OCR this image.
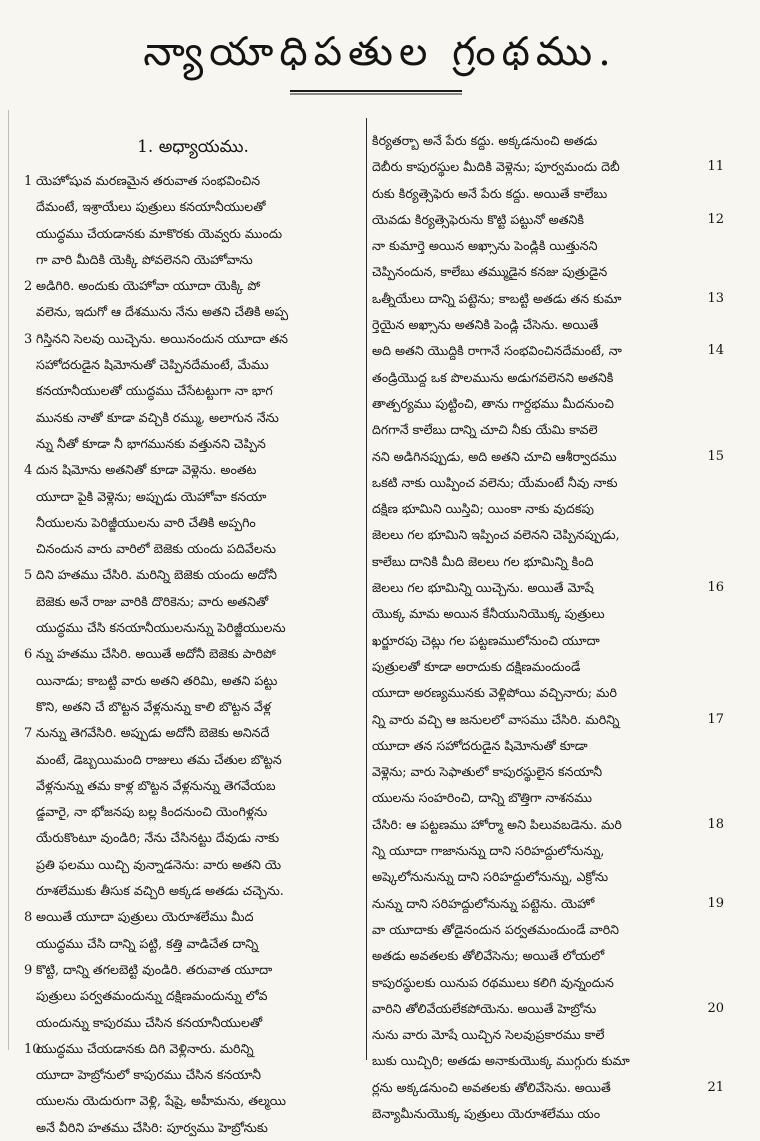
న్యాయాధిపతుల గ్రంథము.
1. అధ్యాయము.
1 యెహోషువ మరణమైన తరువాత సంభవించిన
దేమంటే, ఇశ్రాయేలు పుత్రులు కనయానీయులతో
యుద్ధము చేయడానకు మాకొరకు యెవ్వరు ముందు
గా వారి మీదికి యెక్కి పోవలెనని యెహోవాను
2 అడిగిరి. అందుకు యెహోవా యూదా యెక్కి పో
వలెను, ఇదుగో ఆ దేశమును నేను అతని చేతికి అప్ప
3 గిస్తినని సెలవు యిచ్చెను. అయినందున యూదా తన
సహోదరుడైన షిమోనుతో చెప్పినదేమంటే, మేము
కనయానీయులతో యుద్ధము చేసేటట్టుగా నా భాగ
మునకు నాతో కూడా వచ్చికి రమ్ము, అలాగున నేను
న్ను నీతో కూడా నీ భాగమునకు వత్తునని చెప్పిన
4 దున షిమోను అతనితో కూడా వెళ్లెను. అంతట
యూదా పైకి వెళ్లెను; అప్పుడు యెహోవా కనయా
నీయులను పెరిజ్జీయులను వారి చేతికి అప్పగిం
చినందున వారు వారిలో బెజెకు యందు పదివేలను
5 దిని హతము చేసిరి. మరిన్ని బెజెకు యందు అదోనీ
బెజెకు అనే రాజు వారికి దొరికెను; వారు అతనితో
యుద్ధము చేసి కనయానీయులనున్ను పెరిజ్జీయులను
6 న్ను హతము చేసిరి. అయితే అదోనీ బెజెకు పారిపో
యినాడు; కాబట్టి వారు అతని తరిమి, అతని పట్టు
కొని, అతని చే బొట్టన వేళ్లనున్ను కాలి బొట్టన వేళ్ల
7 నున్ను తెగవేసిరి. అప్పుడు అదోనీ బెజెకు అనినదే
మంటే, డెబ్బయిమంది రాజులు తమ చేతుల బొట్టన
వేళ్లనున్ను తమ కాళ్ల బొట్టన వేళ్లనున్ను తెగవేయబ
డ్డవారై, నా భోజనపు బల్ల కిందనుంచి యెంగిళ్లను
యేరుకొంటూ వుండిరి; నేను చేసినట్టు దేవుడు నాకు
ప్రతి ఫలము యిచ్చి వున్నాడనెను: వారు అతని యె
రూశలేముకు తీసుక వచ్చిరి అక్కడ అతడు చచ్చెను.
8 అయితే యూదా పుత్రులు యెరూశలేము మీద
యుద్ధము చేసి దాన్ని పట్టి, కత్తి వాడిచేత దాన్ని
9 కొట్టి, దాన్ని తగలబెట్టి వుండిరి. తరువాత యూదా
పుత్రులు పర్వతమందున్ను దక్షిణమందున్ను లోవ
యందున్ను కాపురము చేసిన కనయానీయులతో
10యుద్ధము చేయడానకు దిగి వెళ్లినారు. మరిన్ని
యూదా హెబ్రోనులో కాపురము చేసిన కనయానీ
యులను యెదురుగా వెళ్లి, షేషై, అహీమను, తల్మయి
అనే వీరిని హతము చేసిరి: పూర్వము హెబ్రోనుకు
కిర్యతర్బా అనే పేరు కద్దు. అక్కడనుంచి అతడు
దెబీరు కాపురస్థుల మీదికి వెళ్లెను; పూర్వమందు దెబీ	11
రుకు కిర్యత్సెఫెరు అనే పేరు కద్దు. అయితే కాలేబు
యెవడు కిర్యత్సెఫెరును కొట్టి పట్టునో అతనికి	12
నా కుమార్తె అయిన అఖ్సాను పెండ్లికి యిత్తునని
చెప్పినందున, కాలేబు తమ్ముడైన కనజు పుత్రుడైన
ఒత్నీయేలు దాన్ని పట్టెను; కాబట్టి అతడు తన కుమా	13
ర్తెయైన అఖ్సాను అతనికి పెండ్లి చేసెను. అయితే
అది అతని యొద్దికి రాగానే సంభవించినదేమంటే, నా	14
తండ్రియొద్ద ఒక పొలమును అడుగవలెనని అతనికి
తాత్పర్యము పుట్టించి, తాను గార్దభము మీదనుంచి
దిగగానే కాలేబు దాన్ని చూచి నీకు యేమి కావలె
నని అడిగినప్పుడు, అది అతని చూచి ఆశీర్వాదము	15
ఒకటి నాకు యిప్పించ వలెను; యేమంటే నీవు నాకు
దక్షిణ భూమిని యిస్తివి; యింకా నాకు వుదకపు
జెలలు గల భూమిని ఇప్పించ వలెనని చెప్పినప్పుడు,
కాలేబు దానికి మీది జెలలు గల భూమిన్ని కింది
జెలలు గల భూమిన్ని యిచ్చెను. అయితే మోషే	16
యొక్క మామ అయిన కేనీయునియొక్క పుత్రులు
ఖర్జూరపు చెట్లు గల పట్టణములోనుంచి యూదా
పుత్రులతో కూడా అరాదుకు దక్షిణమందుండే
యూదా అరణ్యమునకు వెళ్లిపోయి వచ్చినారు; మరి
న్ని వారు వచ్చి ఆ జనులలో వాసము చేసిరి. మరిన్ని	17
యూదా తన సహోదరుడైన షిమోనుతో కూడా
వెళ్లెను; వారు సెఫాతులో కాపురస్థులైన కనయానీ
యులను సంహరించి, దాన్ని బొత్తిగా నాశనము
చేసిరి: ఆ పట్టణము హోర్మా అని పిలువబడెను. మరి	18
న్ని యూదా గాజానున్ను దాని సరిహద్దులోనున్ను,
అష్కెలోనునున్ను దాని సరిహద్దులోనున్ను, ఎక్రోను
నున్ను దాని సరిహద్దులోనున్ను పట్టెను. యెహో	19
వా యూదాకు తోడైనందున పర్వతమందుండే వారిని
అతడు అవతలకు తోలివేసెను; అయితే లోయలో
కాపురస్థులకు యినుప రథములు కలిగి వున్నందున
వారిని తోలివేయలేకపోయెను. అయితే హెబ్రోను	20
నును వారు మోషే యిచ్చిన సెలవుప్రకారము కాలే
బుకు యిచ్చిరి; అతడు అనాకుయొక్క ముగ్గురు కుమా
ర్లను అక్కడనుంచి అవతలకు తోలివేసెను. అయితే	21
బెన్యామీనుయొక్క పుత్రులు యెరూశలేము యం
